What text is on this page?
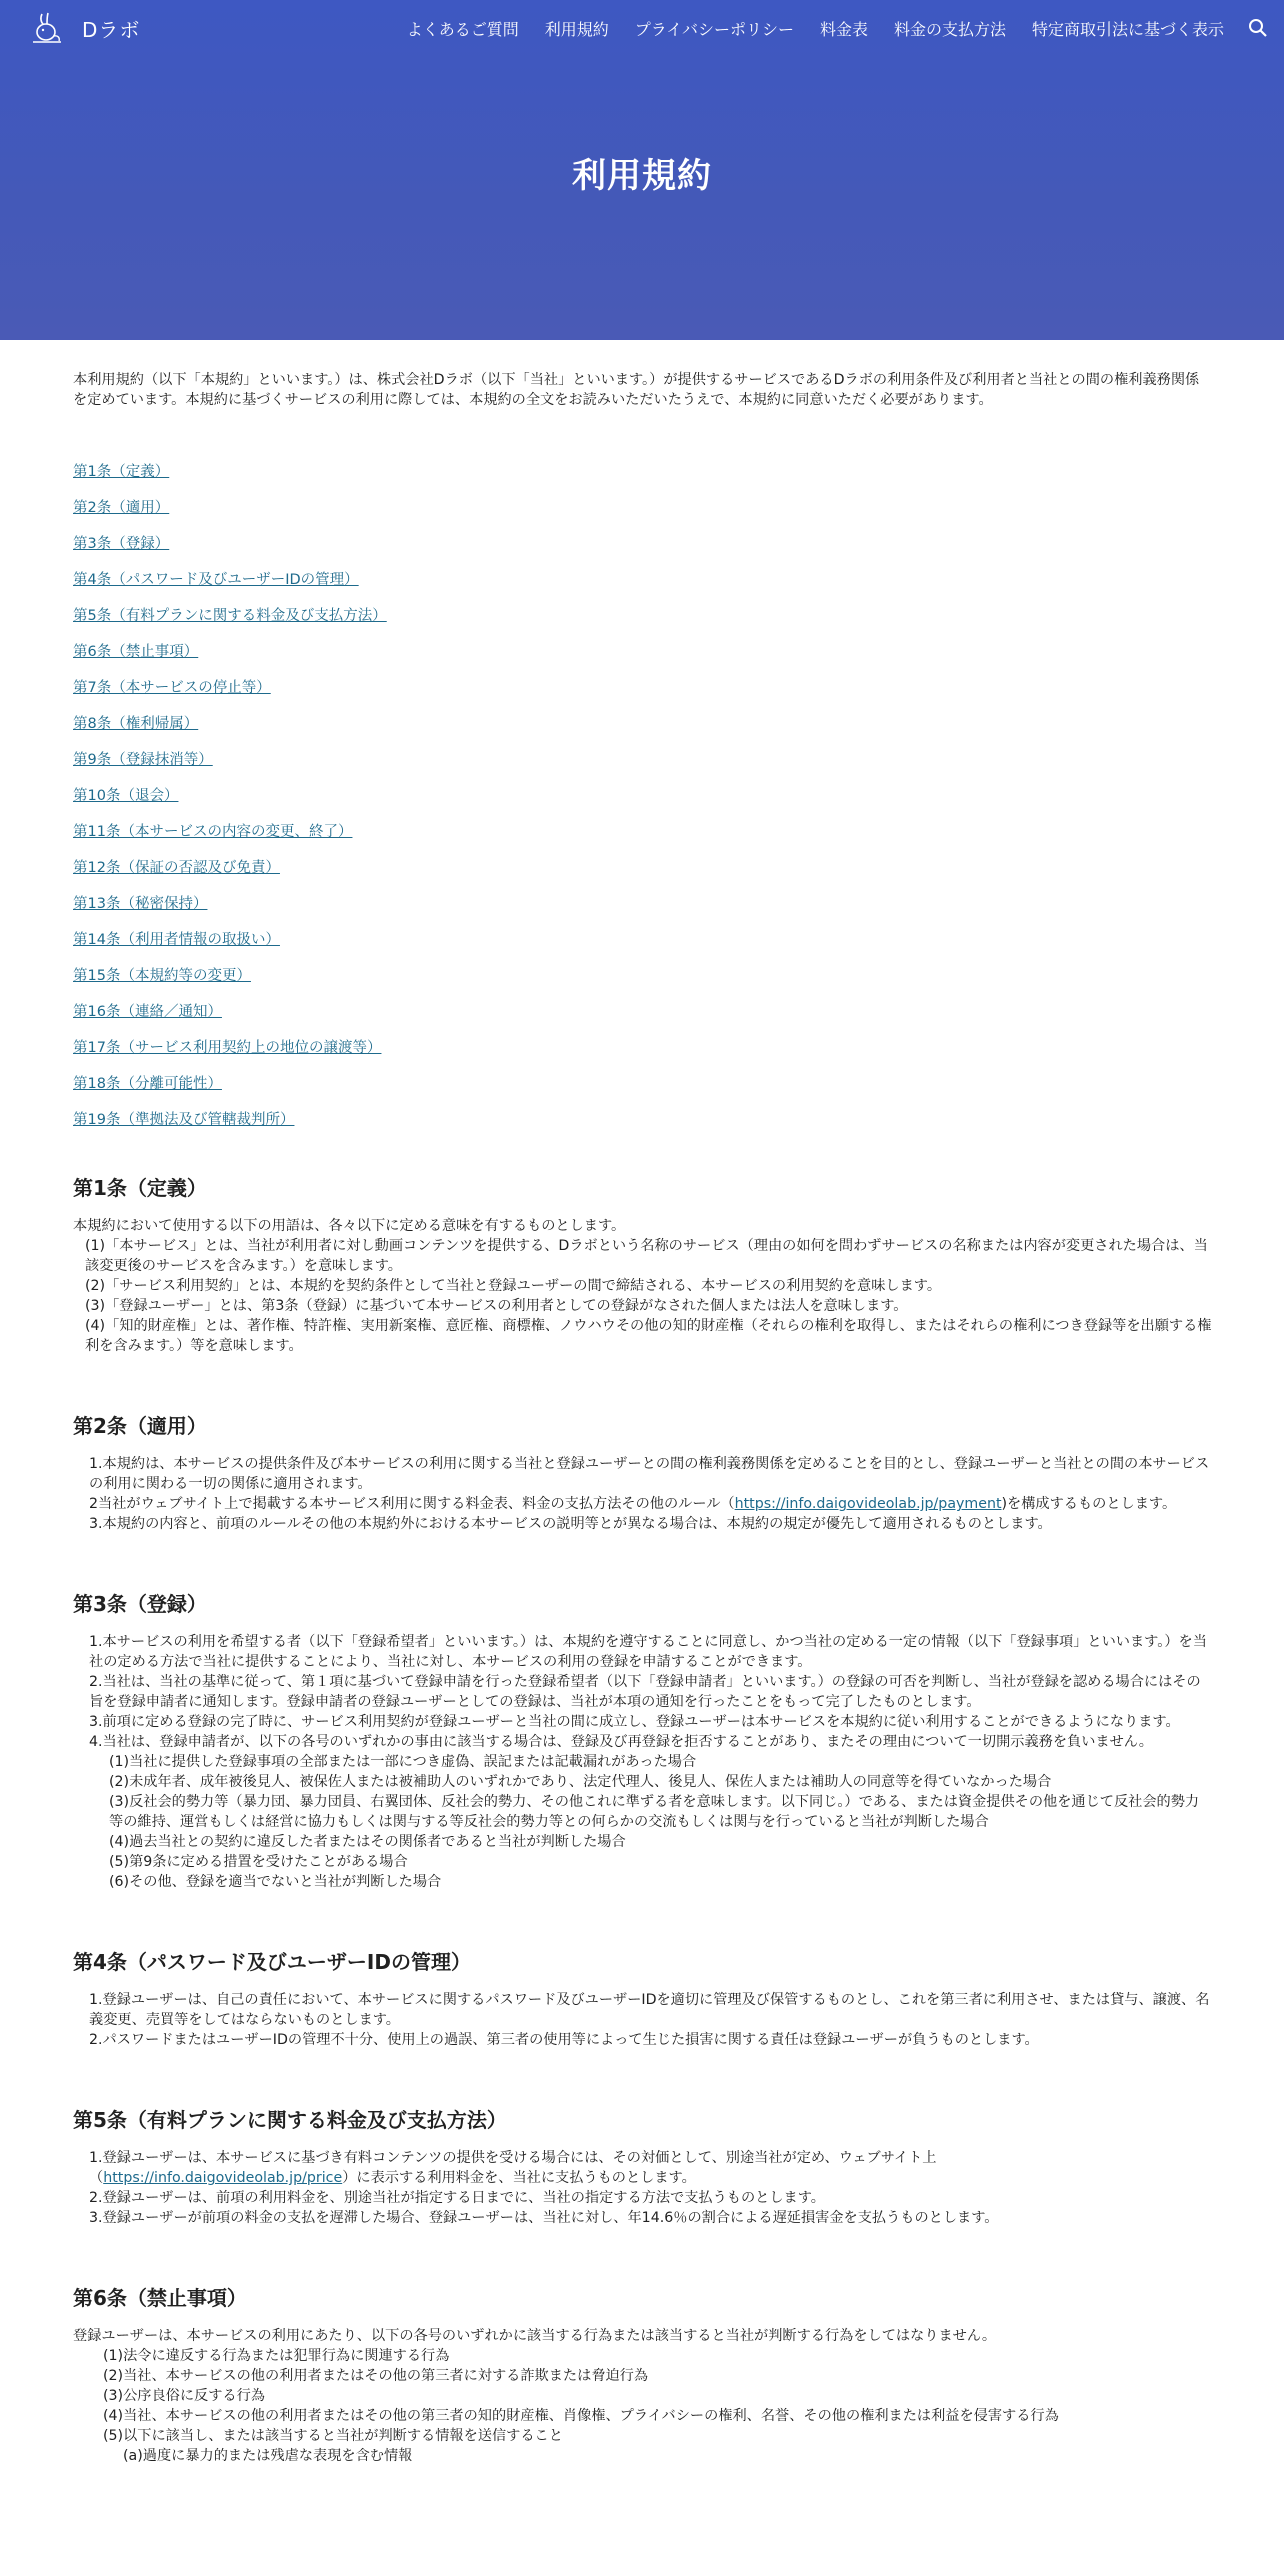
Dラボ	よくあるご質問 利用規約 プライバシーポリシー 料金表 料金の支払方法 特定商取引法に基づく表示
利用規約

本利用規約（以下「本規約」といいます。）は、株式会社Dラボ（以下「当社」といいます。）が提供するサービスであるDラボの利用条件及び利用者と当社との間の権利義務関係を定めています。本規約に基づくサービスの利用に際しては、本規約の全文をお読みいただいたうえで、本規約に同意いただく必要があります。

第1条（定義）
第2条（適用）
第3条（登録）
第4条（パスワード及びユーザーIDの管理）
第5条（有料プランに関する料金及び支払方法）
第6条（禁止事項）
第7条（本サービスの停止等）
第8条（権利帰属）
第9条（登録抹消等）
第10条（退会）
第11条（本サービスの内容の変更、終了）
第12条（保証の否認及び免責）
第13条（秘密保持）
第14条（利用者情報の取扱い）
第15条（本規約等の変更）
第16条（連絡／通知）
第17条（サービス利用契約上の地位の譲渡等）
第18条（分離可能性）
第19条（準拠法及び管轄裁判所）
第1条（定義）

本規約において使用する以下の用語は、各々以下に定める意味を有するものとします。

(1)「本サービス」とは、当社が利用者に対し動画コンテンツを提供する、Dラボという名称のサービス（理由の如何を問わずサービスの名称または内容が変更された場合は、当該変更後のサービスを含みます。）を意味します。

(2)「サービス利用契約」とは、本規約を契約条件として当社と登録ユーザーの間で締結される、本サービスの利用契約を意味します。

(3)「登録ユーザー」とは、第3条（登録）に基づいて本サービスの利用者としての登録がなされた個人または法人を意味します。

(4)「知的財産権」とは、著作権、特許権、実用新案権、意匠権、商標権、ノウハウその他の知的財産権（それらの権利を取得し、またはそれらの権利につき登録等を出願する権利を含みます。）等を意味します。

第2条（適用）

1.本規約は、本サービスの提供条件及び本サービスの利用に関する当社と登録ユーザーとの間の権利義務関係を定めることを目的とし、登録ユーザーと当社との間の本サービスの利用に関わる一切の関係に適用されます。

2当社がウェブサイト上で掲載する本サービス利用に関する料金表、料金の支払方法その他のルール（https://info.daigovideolab.jp/payment)を構成するものとします。

3.本規約の内容と、前項のルールその他の本規約外における本サービスの説明等とが異なる場合は、本規約の規定が優先して適用されるものとします。

第3条（登録）

1.本サービスの利用を希望する者（以下「登録希望者」といいます。）は、本規約を遵守することに同意し、かつ当社の定める一定の情報（以下「登録事項」といいます。）を当社の定める方法で当社に提供することにより、当社に対し、本サービスの利用の登録を申請することができます。

2.当社は、当社の基準に従って、第１項に基づいて登録申請を行った登録希望者（以下「登録申請者」といいます。）の登録の可否を判断し、当社が登録を認める場合にはその旨を登録申請者に通知します。登録申請者の登録ユーザーとしての登録は、当社が本項の通知を行ったことをもって完了したものとします。

3.前項に定める登録の完了時に、サービス利用契約が登録ユーザーと当社の間に成立し、登録ユーザーは本サービスを本規約に従い利用することができるようになります。

4.当社は、登録申請者が、以下の各号のいずれかの事由に該当する場合は、登録及び再登録を拒否することがあり、またその理由について一切開示義務を負いません。

(1)当社に提供した登録事項の全部または一部につき虚偽、誤記または記載漏れがあった場合

(2)未成年者、成年被後見人、被保佐人または被補助人のいずれかであり、法定代理人、後見人、保佐人または補助人の同意等を得ていなかった場合

(3)反社会的勢力等（暴力団、暴力団員、右翼団体、反社会的勢力、その他これに準ずる者を意味します。以下同じ。）である、または資金提供その他を通じて反社会的勢力等の維持、運営もしくは経営に協力もしくは関与する等反社会的勢力等との何らかの交流もしくは関与を行っていると当社が判断した場合

(4)過去当社との契約に違反した者またはその関係者であると当社が判断した場合

(5)第9条に定める措置を受けたことがある場合

(6)その他、登録を適当でないと当社が判断した場合

第4条（パスワード及びユーザーIDの管理）

1.登録ユーザーは、自己の責任において、本サービスに関するパスワード及びユーザーIDを適切に管理及び保管するものとし、これを第三者に利用させ、または貸与、譲渡、名義変更、売買等をしてはならないものとします。

2.パスワードまたはユーザーIDの管理不十分、使用上の過誤、第三者の使用等によって生じた損害に関する責任は登録ユーザーが負うものとします。

第5条（有料プランに関する料金及び支払方法）

1.登録ユーザーは、本サービスに基づき有料コンテンツの提供を受ける場合には、その対価として、別途当社が定め、ウェブサイト上
（https://info.daigovideolab.jp/price）に表示する利用料金を、当社に支払うものとします。

2.登録ユーザーは、前項の利用料金を、別途当社が指定する日までに、当社の指定する方法で支払うものとします。

3.登録ユーザーが前項の料金の支払を遅滞した場合、登録ユーザーは、当社に対し、年14.6％の割合による遅延損害金を支払うものとします。

第6条（禁止事項）

登録ユーザーは、本サービスの利用にあたり、以下の各号のいずれかに該当する行為または該当すると当社が判断する行為をしてはなりません。

(1)法令に違反する行為または犯罪行為に関連する行為

(2)当社、本サービスの他の利用者またはその他の第三者に対する詐欺または脅迫行為

(3)公序良俗に反する行為

(4)当社、本サービスの他の利用者またはその他の第三者の知的財産権、肖像権、プライバシーの権利、名誉、その他の権利または利益を侵害する行為

(5)以下に該当し、または該当すると当社が判断する情報を送信すること

(a)過度に暴力的または残虐な表現を含む情報
